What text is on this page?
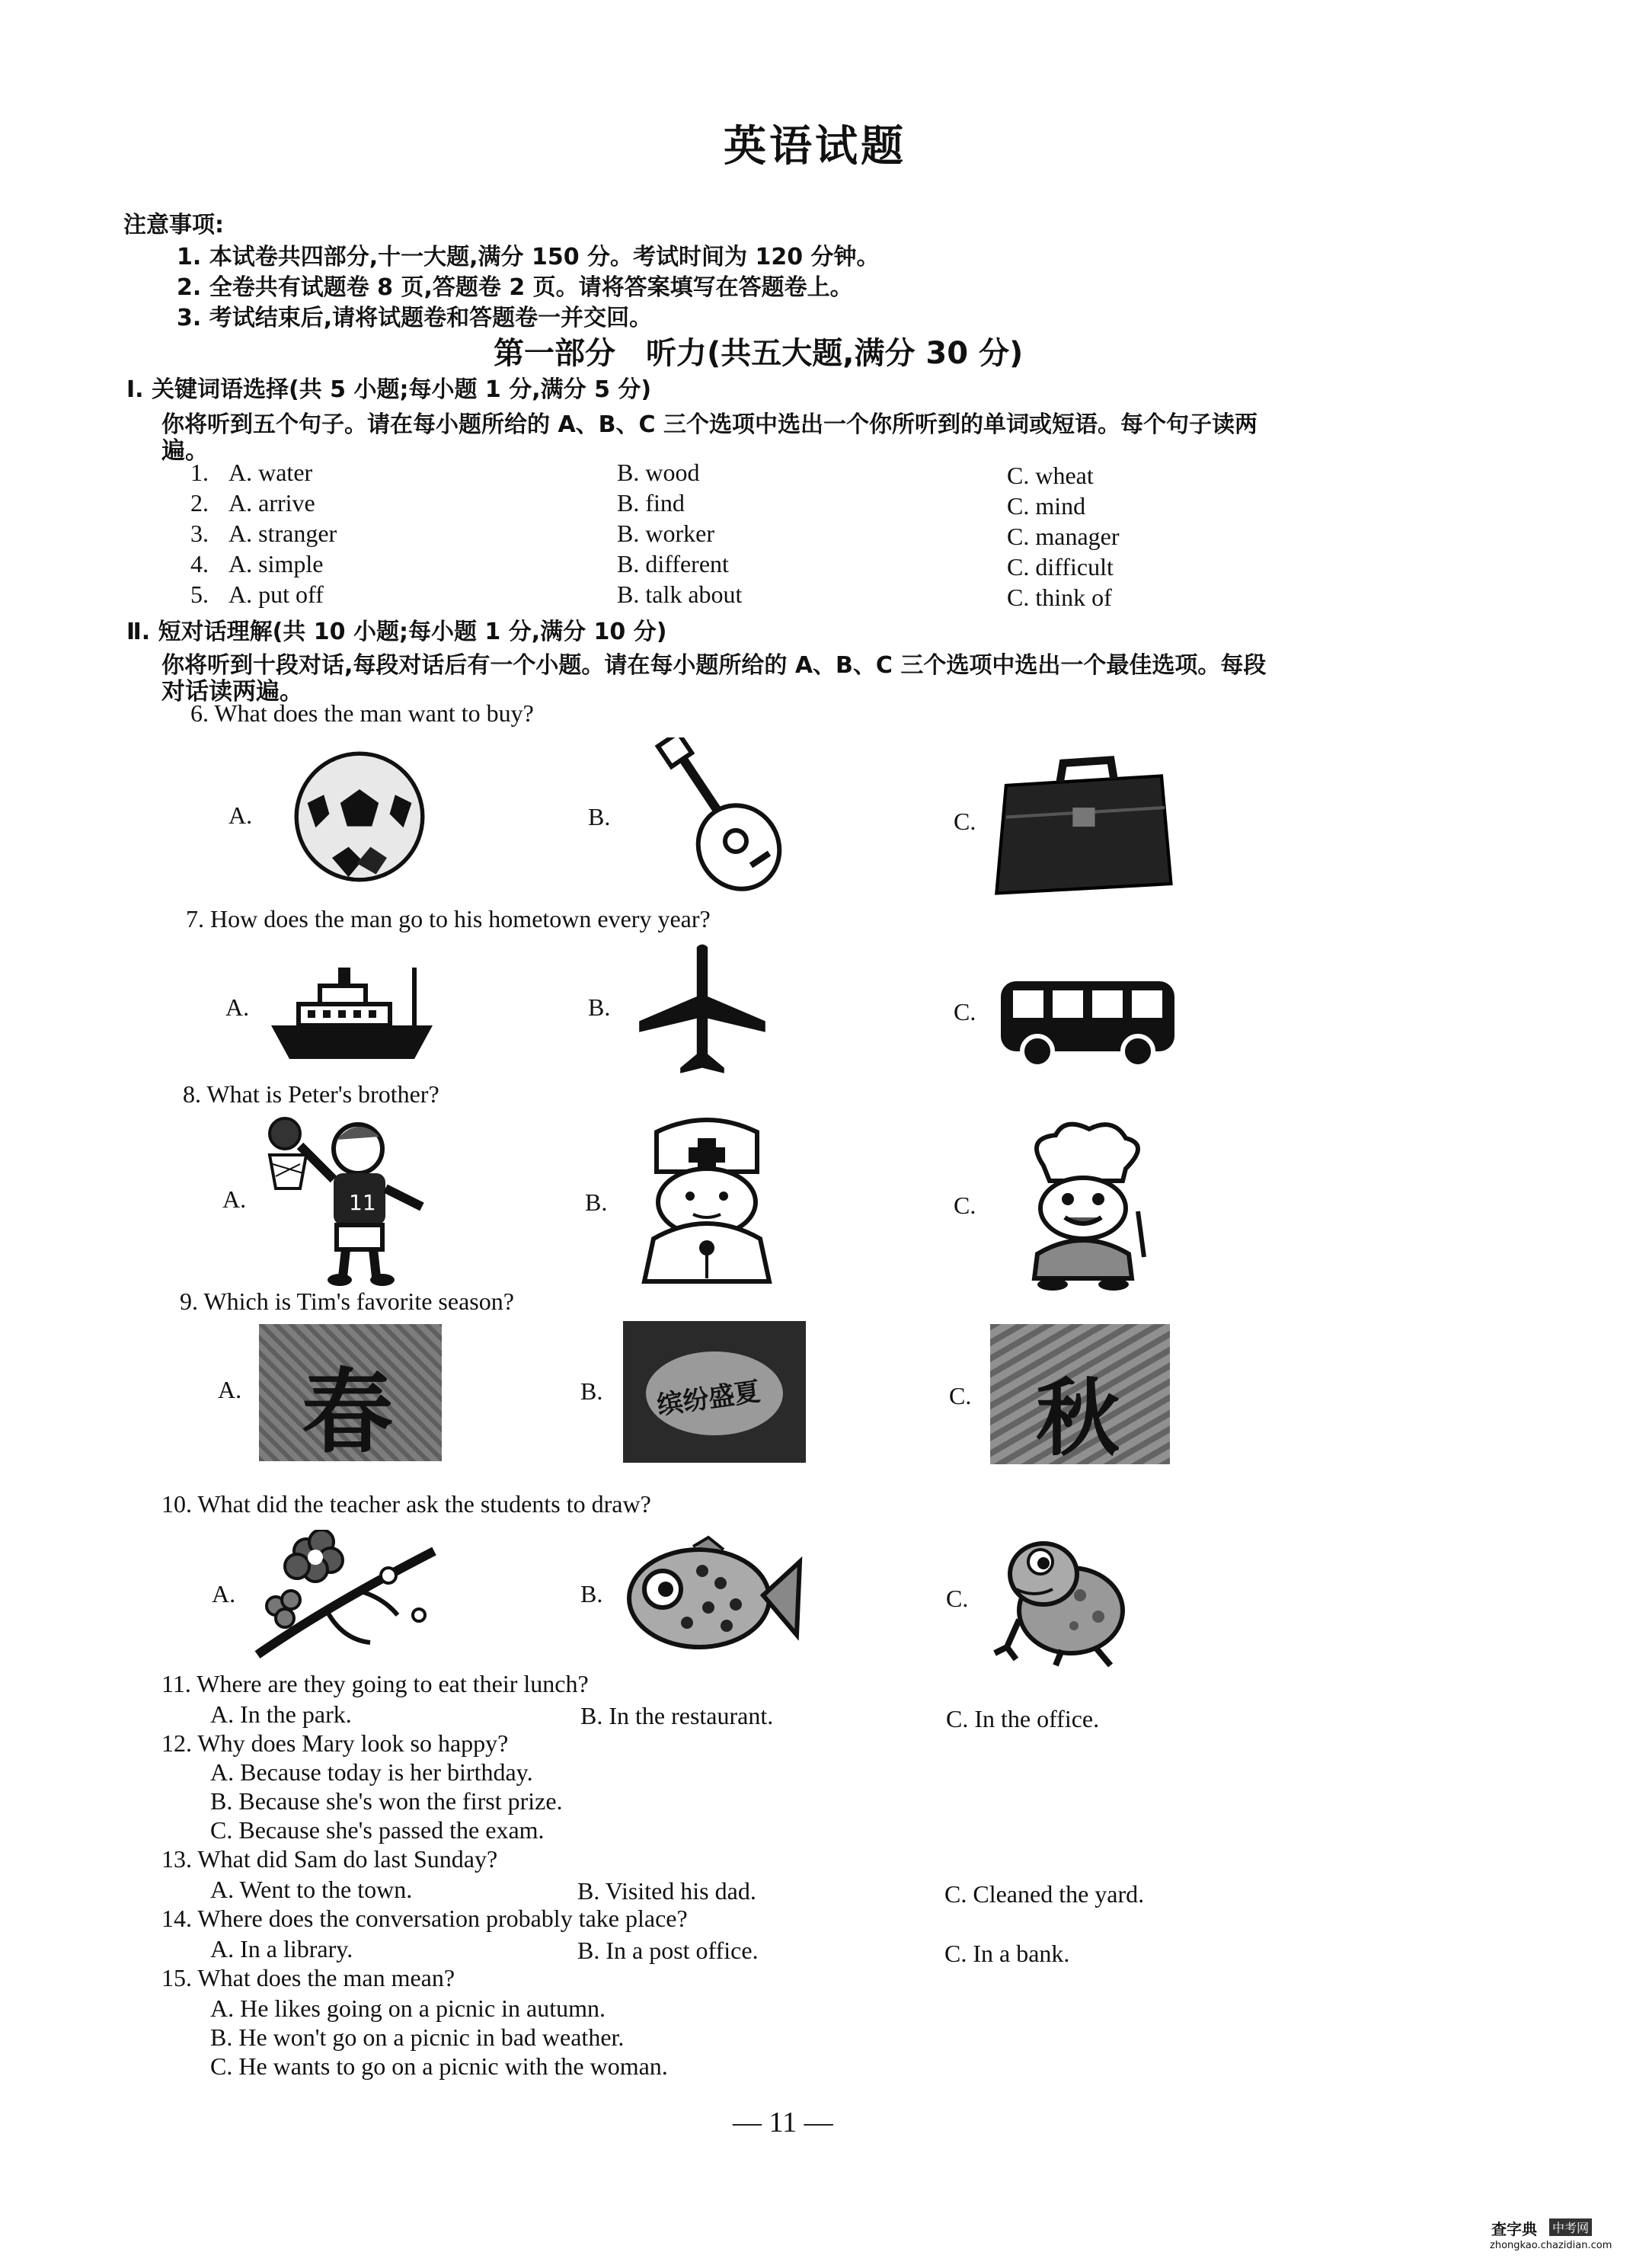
英语试题
注意事项:
1. 本试卷共四部分,十一大题,满分 150 分。考试时间为 120 分钟。
2. 全卷共有试题卷 8 页,答题卷 2 页。请将答案填写在答题卷上。
3. 考试结束后,请将试题卷和答题卷一并交回。
第一部分　听力(共五大题,满分 30 分)
Ⅰ. 关键词语选择(共 5 小题;每小题 1 分,满分 5 分)
你将听到五个句子。请在每小题所给的 A、B、C 三个选项中选出一个你所听到的单词或短语。每个句子读两
遍。
1. A. water	B. wood	C. wheat
2. A. arrive	B. find	C. mind
3. A. stranger	B. worker	C. manager
4. A. simple	B. different	C. difficult
5. A. put off	B. talk about	C. think of
Ⅱ. 短对话理解(共 10 小题;每小题 1 分,满分 10 分)
你将听到十段对话,每段对话后有一个小题。请在每小题所给的 A、B、C 三个选项中选出一个最佳选项。每段
对话读两遍。
6. What does the man want to buy?
A.	B.	C.
7. How does the man go to his hometown every year?
A.	B.	C.
8. What is Peter's brother?
A.	11	B.	C.
9. Which is Tim's favorite season?
A. 春	B. 缤纷盛夏	C. 秋
10. What did the teacher ask the students to draw?
A.	B.	C.
11. Where are they going to eat their lunch?
A. In the park.	B. In the restaurant.	C. In the office.
12. Why does Mary look so happy?
A. Because today is her birthday.
B. Because she's won the first prize.
C. Because she's passed the exam.
13. What did Sam do last Sunday?
A. Went to the town.	B. Visited his dad.	C. Cleaned the yard.
14. Where does the conversation probably take place?
A. In a library.	B. In a post office.	C. In a bank.
15. What does the man mean?
A. He likes going on a picnic in autumn.
B. He won't go on a picnic in bad weather.
C. He wants to go on a picnic with the woman.
— 11 —
查字典 中考网
zhongkao.chazidian.com
